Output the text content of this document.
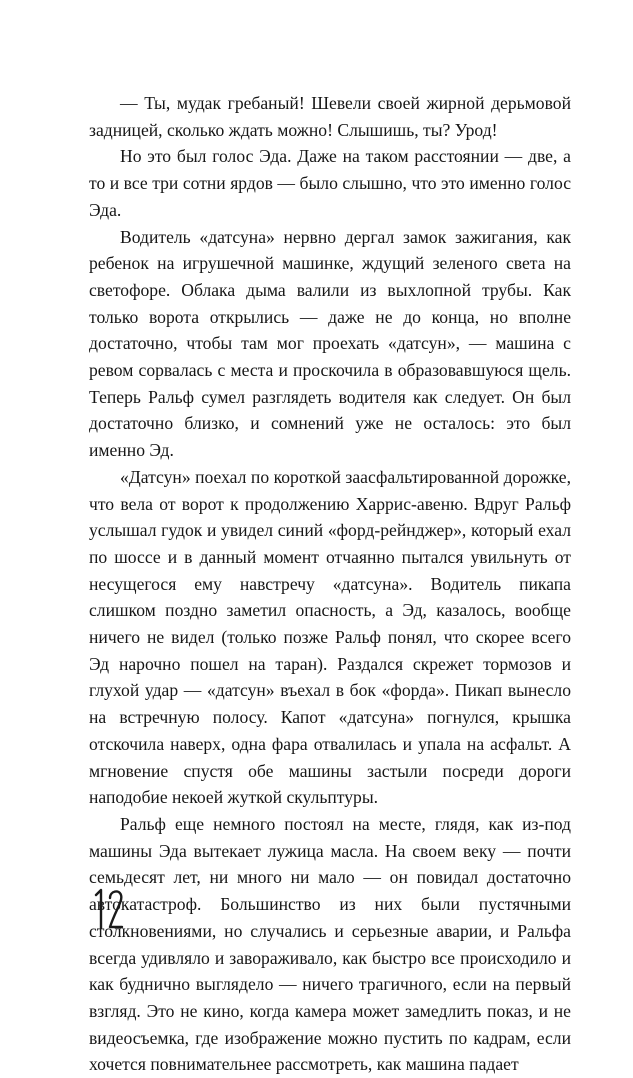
— Ты, мудак гребаный! Шевели своей жирной дерьмовой задницей, сколько ждать можно! Слышишь, ты? Урод!

Но это был голос Эда. Даже на таком расстоянии — две, а то и все три сотни ярдов — было слышно, что это именно голос Эда.

Водитель «датсуна» нервно дергал замок зажигания, как ребенок на игрушечной машинке, ждущий зеленого света на светофоре. Облака дыма валили из выхлопной трубы. Как только ворота открылись — даже не до конца, но вполне достаточно, чтобы там мог проехать «датсун», — машина с ревом сорвалась с места и проскочила в образовавшуюся щель. Теперь Ральф сумел разглядеть водителя как следует. Он был достаточно близко, и сомнений уже не осталось: это был именно Эд.

«Датсун» поехал по короткой заасфальтированной дорожке, что вела от ворот к продолжению Харрис-авеню. Вдруг Ральф услышал гудок и увидел синий «форд-рейнджер», который ехал по шоссе и в данный момент отчаянно пытался увильнуть от несущегося ему навстречу «датсуна». Водитель пикапа слишком поздно заметил опасность, а Эд, казалось, вообще ничего не видел (только позже Ральф понял, что скорее всего Эд нарочно пошел на таран). Раздался скрежет тормозов и глухой удар — «датсун» въехал в бок «форда». Пикап вынесло на встречную полосу. Капот «датсуна» погнулся, крышка отскочила наверх, одна фара отвалилась и упала на асфальт. А мгновение спустя обе машины застыли посреди дороги наподобие некоей жуткой скульптуры.

Ральф еще немного постоял на месте, глядя, как из-под машины Эда вытекает лужица масла. На своем веку — почти семьдесят лет, ни много ни мало — он повидал достаточно автокатастроф. Большинство из них были пустячными столкновениями, но случались и серьезные аварии, и Ральфа всегда удивляло и завораживало, как быстро все происходило и как буднично выглядело — ничего трагичного, если на первый взгляд. Это не кино, когда камера может замедлить показ, и не видеосъемка, где изображение можно пустить по кадрам, если хочется повнимательнее рассмотреть, как машина падает
